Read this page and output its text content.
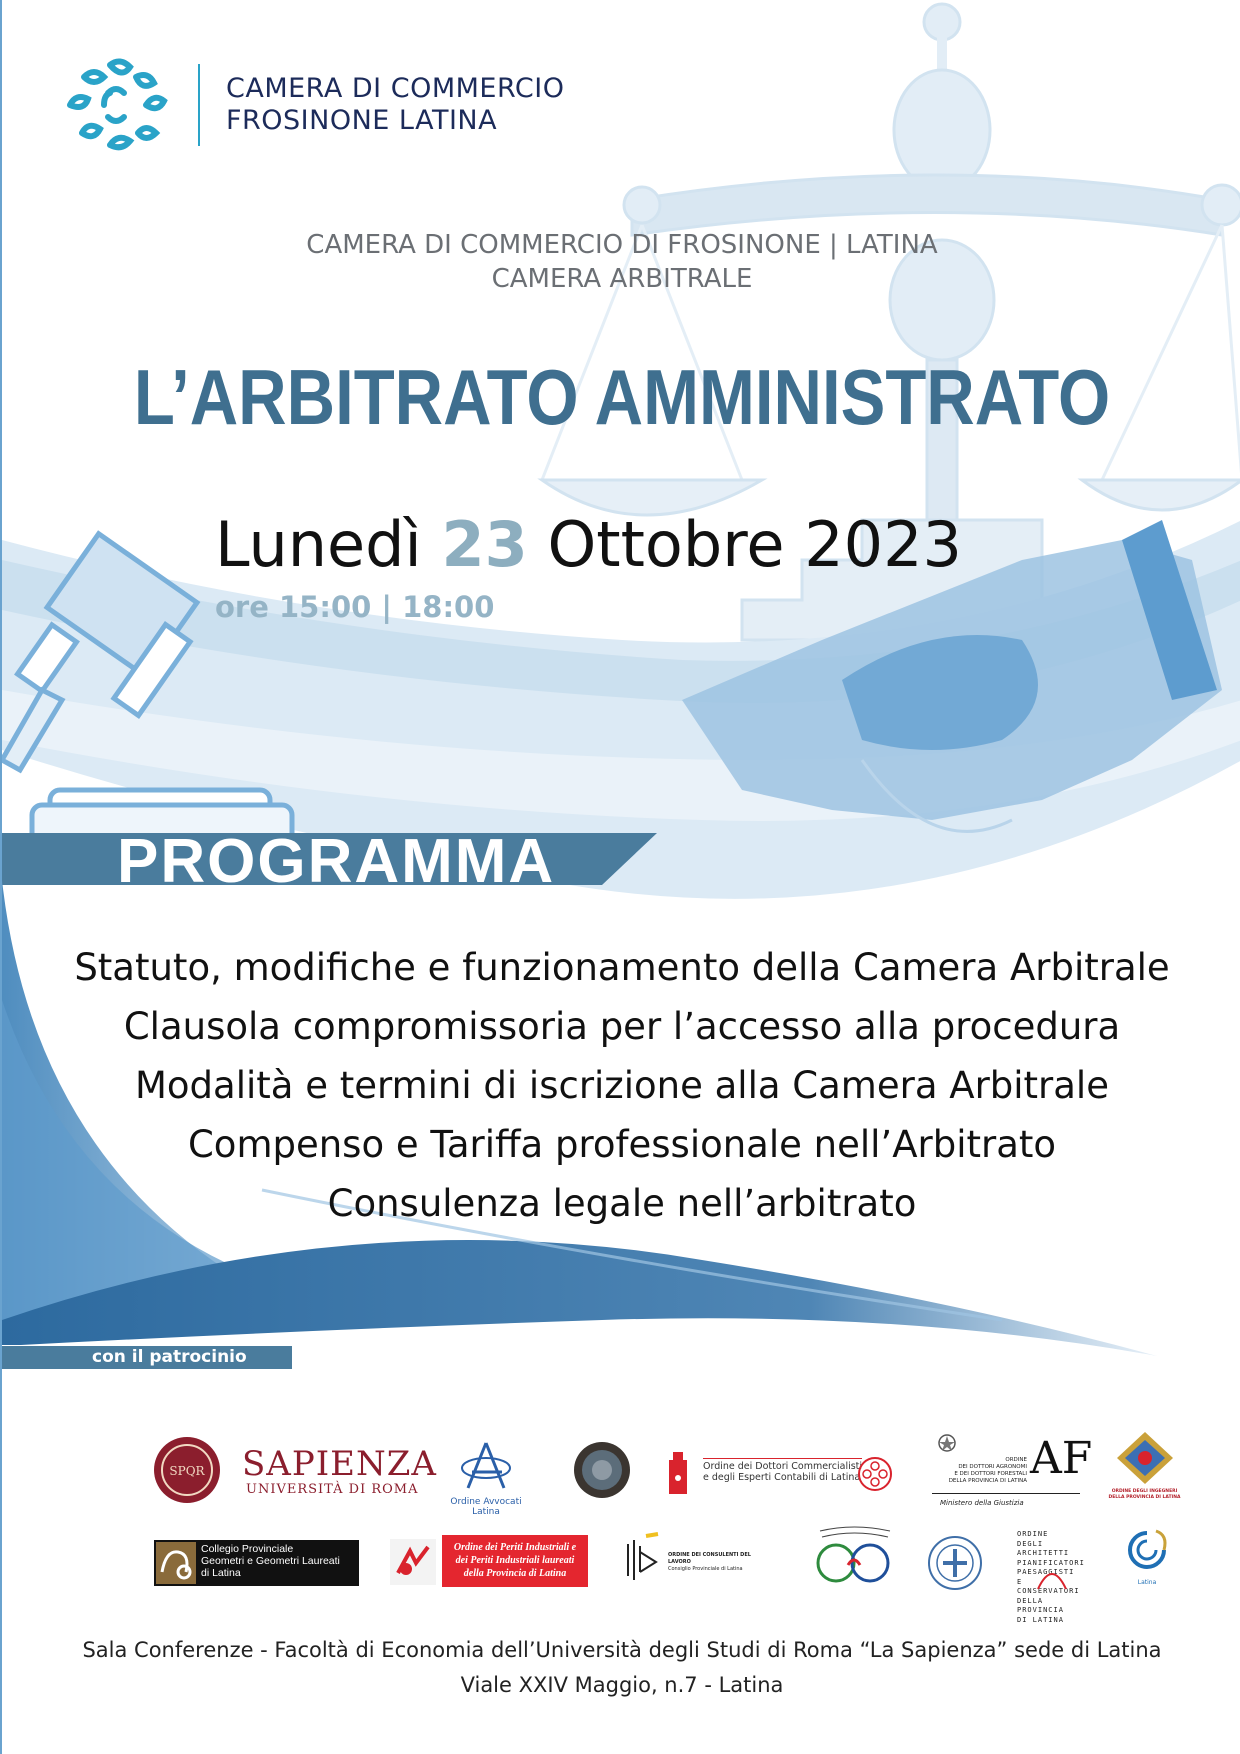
CAMERA DI COMMERCIO
FROSINONE LATINA
CAMERA DI COMMERCIO DI FROSINONE | LATINA
CAMERA ARBITRALE
L’ARBITRATO AMMINISTRATO
Lunedì 23 Ottobre 2023
ore 15:00 | 18:00
PROGRAMMA
Statuto, modifiche e funzionamento della Camera Arbitrale
Clausola compromissoria per l’accesso alla procedura
Modalità e termini di iscrizione alla Camera Arbitrale
Compenso e Tariffa professionale nell’Arbitrato
Consulenza legale nell’arbitrato
con il patrocinio
SPQR SAPIENZA
UNIVERSITÀ DI ROMA
Ordine Avvocati Latina
Ordine dei Dottori Commercialisti
e degli Esperti Contabili di Latina
ORDINE
DEI DOTTORI AGRONOMI
E DEI DOTTORI FORESTALI
DELLA PROVINCIA DI LATINA AF
Ministero della Giustizia
ORDINE DEGLI INGEGNERI
DELLA PROVINCIA DI LATINA
Collegio Provinciale
Geometri e Geometri Laureati
di Latina
Ordine dei Periti Industriali e
dei Periti Industriali laureati
della Provincia di Latina
ORDINE DEI CONSULENTI DEL LAVORO
Consiglio Provinciale di Latina
ORDINE DEGLI
ARCHITETTI
PIANIFICATORI
PAESAGGISTI
E CONSERVATORI
DELLA PROVINCIA
DI LATINA
Latina
Sala Conferenze - Facoltà di Economia dell’Università degli Studi di Roma “La Sapienza” sede di Latina
Viale XXIV Maggio, n.7 - Latina
